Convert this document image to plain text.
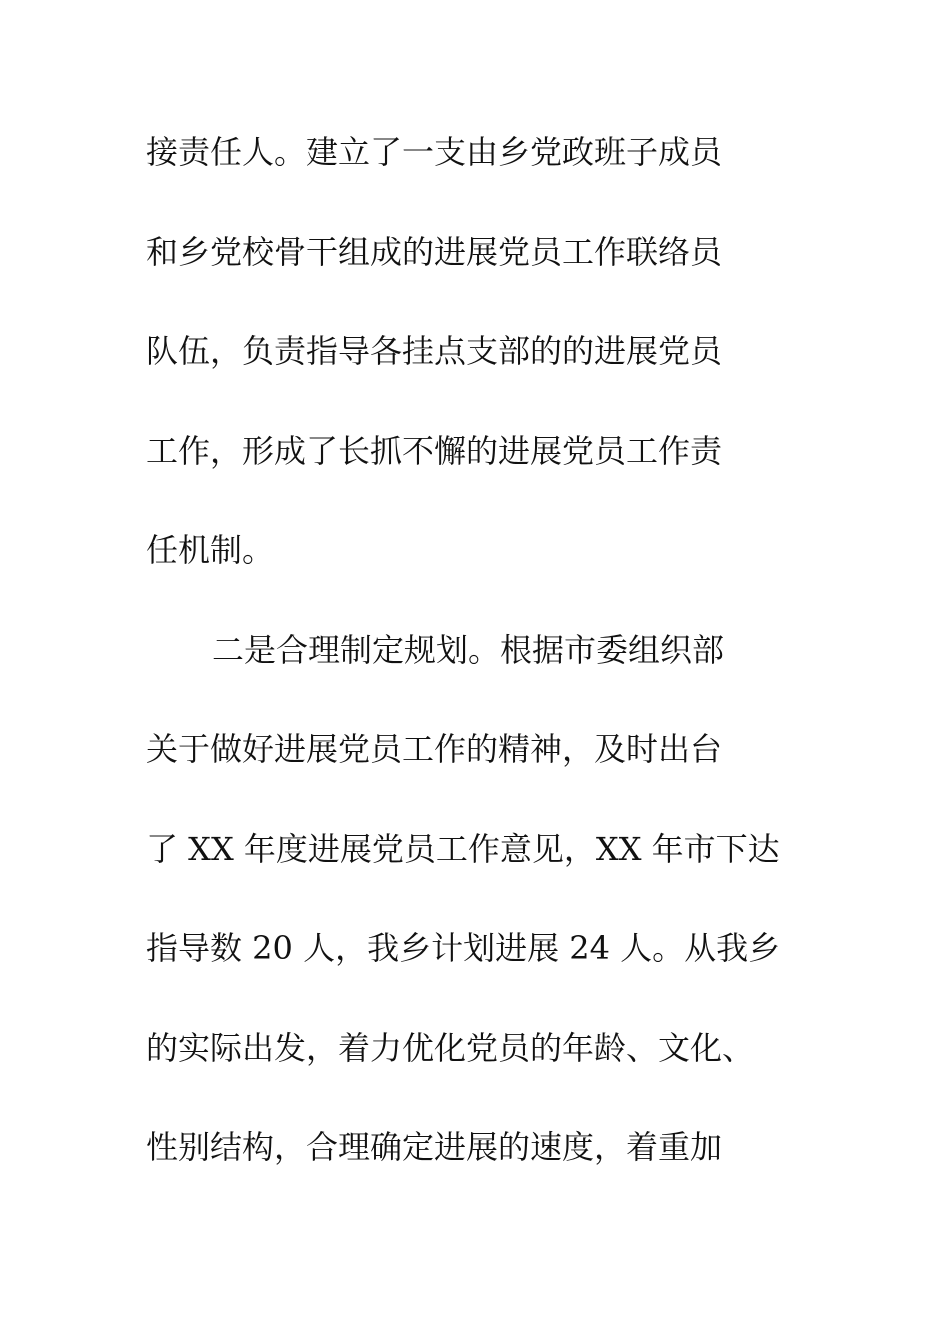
接责任人。建立了一支由乡党政班子成员
和乡党校骨干组成的进展党员工作联络员
队伍，负责指导各挂点支部的的进展党员
工作，形成了长抓不懈的进展党员工作责
任机制。
二是合理制定规划。根据市委组织部
关于做好进展党员工作的精神，及时出台
了 XX 年度进展党员工作意见，XX 年市下达
指导数 20 人，我乡计划进展 24 人。从我乡
的实际出发，着力优化党员的年龄、文化、
性别结构，合理确定进展的速度，着重加
